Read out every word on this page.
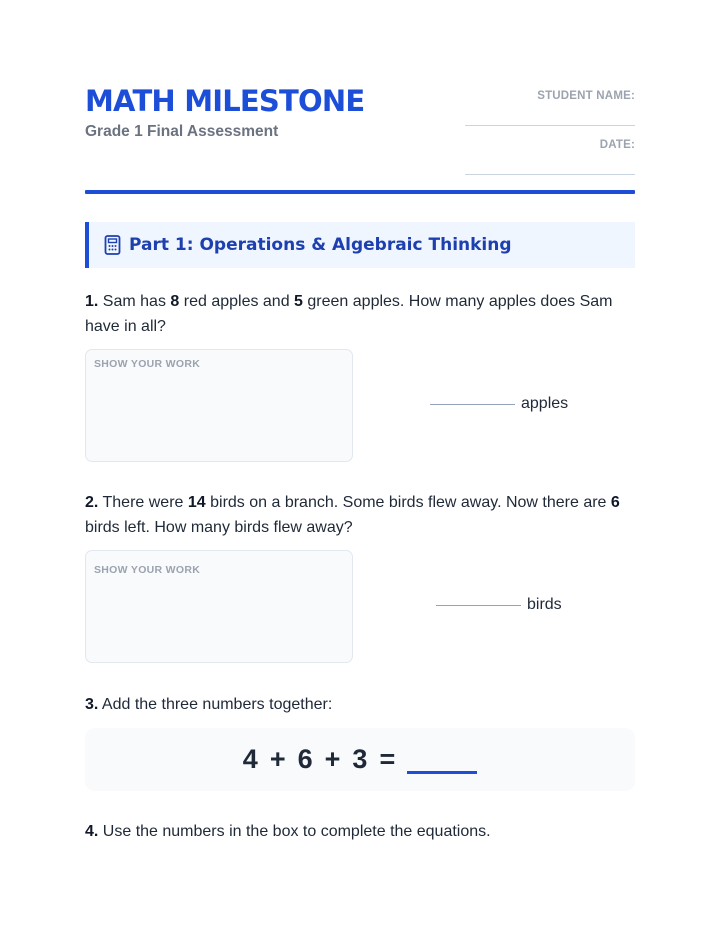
MATH MILESTONE
Grade 1 Final Assessment
STUDENT NAME:
DATE:
Part 1: Operations & Algebraic Thinking
1. Sam has 8 red apples and 5 green apples. How many apples does Sam have in all?
SHOW YOUR WORK
apples
2. There were 14 birds on a branch. Some birds flew away. Now there are 6 birds left. How many birds flew away?
SHOW YOUR WORK
birds
3. Add the three numbers together:
4 + 6 + 3 =
4. Use the numbers in the box to complete the equations.
